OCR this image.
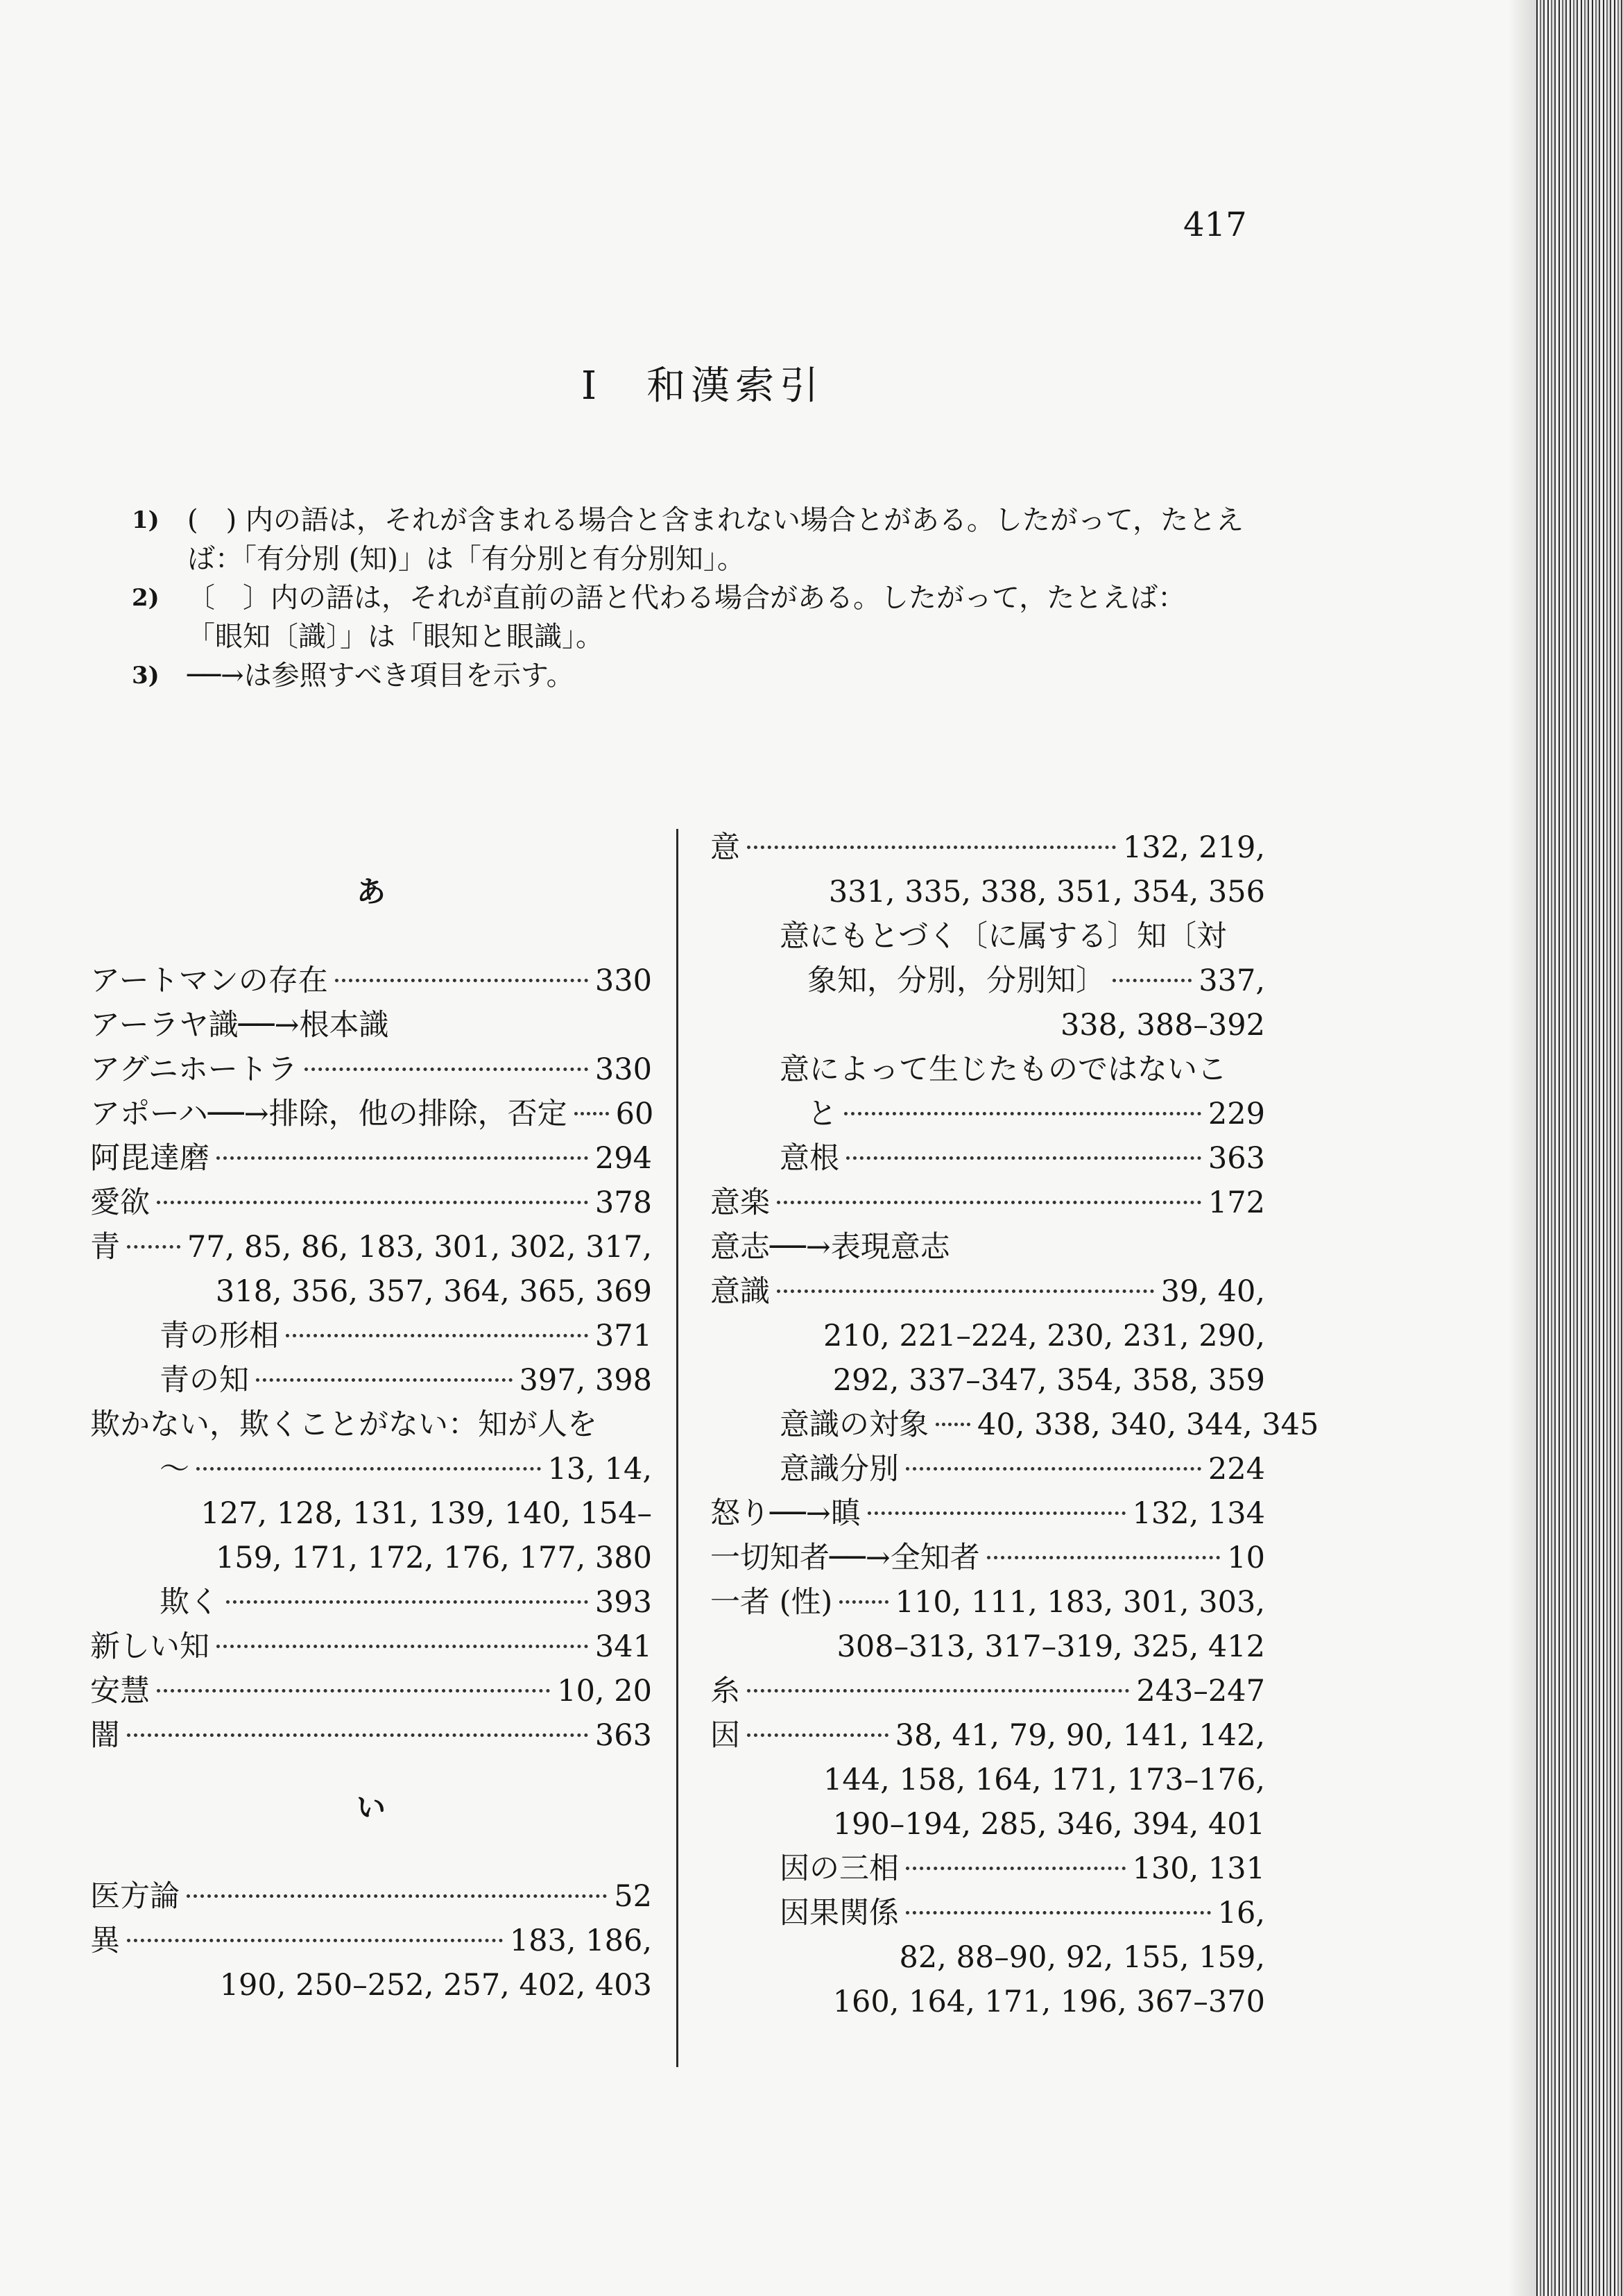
417
I　和漢索引
1)	(　) 内の語は，それが含まれる場合と含まれない場合とがある。したがって，たとえ
ば：「有分別 (知)」は「有分別と有分別知」。
2)	〔　〕内の語は，それが直前の語と代わる場合がある。したがって，たとえば：
「眼知〔識〕」は「眼知と眼識」。
3)	──→は参照すべき項目を示す。
あ
アートマンの存在	330
アーラヤ識──→根本識
アグニホートラ	330
アポーハ──→排除，他の排除，否定 60
阿毘達磨	294
愛欲	378
青 77, 85, 86, 183, 301, 302, 317,
318, 356, 357, 364, 365, 369
青の形相	371
青の知	397, 398
欺かない，欺くことがない：知が人を
～	13, 14,
127, 128, 131, 139, 140, 154–
159, 171, 172, 176, 177, 380
欺く	393
新しい知	341
安慧	10, 20
闇	363
い
医方論	52
異	183, 186,
190, 250–252, 257, 402, 403
意	132, 219,
331, 335, 338, 351, 354, 356
意にもとづく〔に属する〕知〔対
象知，分別，分別知〕	337,
338, 388–392
意によって生じたものではないこ
と	229
意根	363
意楽	172
意志──→表現意志
意識	39, 40,
210, 221–224, 230, 231, 290,
292, 337–347, 354, 358, 359
意識の対象 40, 338, 340, 344, 345
意識分別	224
怒り──→瞋	132, 134
一切知者──→全知者	10
一者 (性) 110, 111, 183, 301, 303,
308–313, 317–319, 325, 412
糸	243–247
因	38, 41, 79, 90, 141, 142,
144, 158, 164, 171, 173–176,
190–194, 285, 346, 394, 401
因の三相	130, 131
因果関係	16,
82, 88–90, 92, 155, 159,
160, 164, 171, 196, 367–370
